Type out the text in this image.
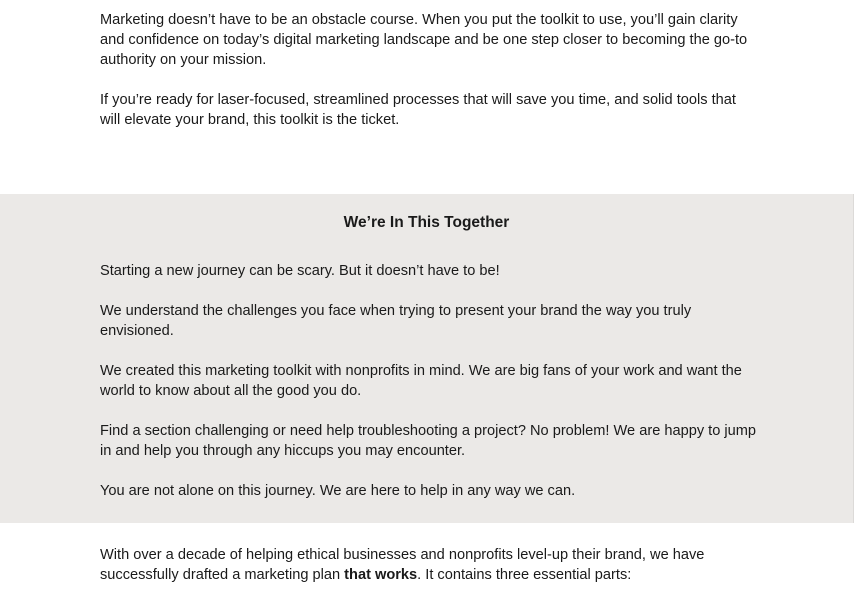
Marketing doesn’t have to be an obstacle course. When you put the toolkit to use, you’ll gain clarity and confidence on today’s digital marketing landscape and be one step closer to becoming the go-to authority on your mission.

If you’re ready for laser-focused, streamlined processes that will save you time, and solid tools that will elevate your brand, this toolkit is the ticket.

We’re In This Together

Starting a new journey can be scary. But it doesn’t have to be!

We understand the challenges you face when trying to present your brand the way you truly envisioned.

We created this marketing toolkit with nonprofits in mind. We are big fans of your work and want the world to know about all the good you do.

Find a section challenging or need help troubleshooting a project? No problem! We are happy to jump in and help you through any hiccups you may encounter.

You are not alone on this journey. We are here to help in any way we can.

With over a decade of helping ethical businesses and nonprofits level-up their brand, we have successfully drafted a marketing plan that works. It contains three essential parts:
